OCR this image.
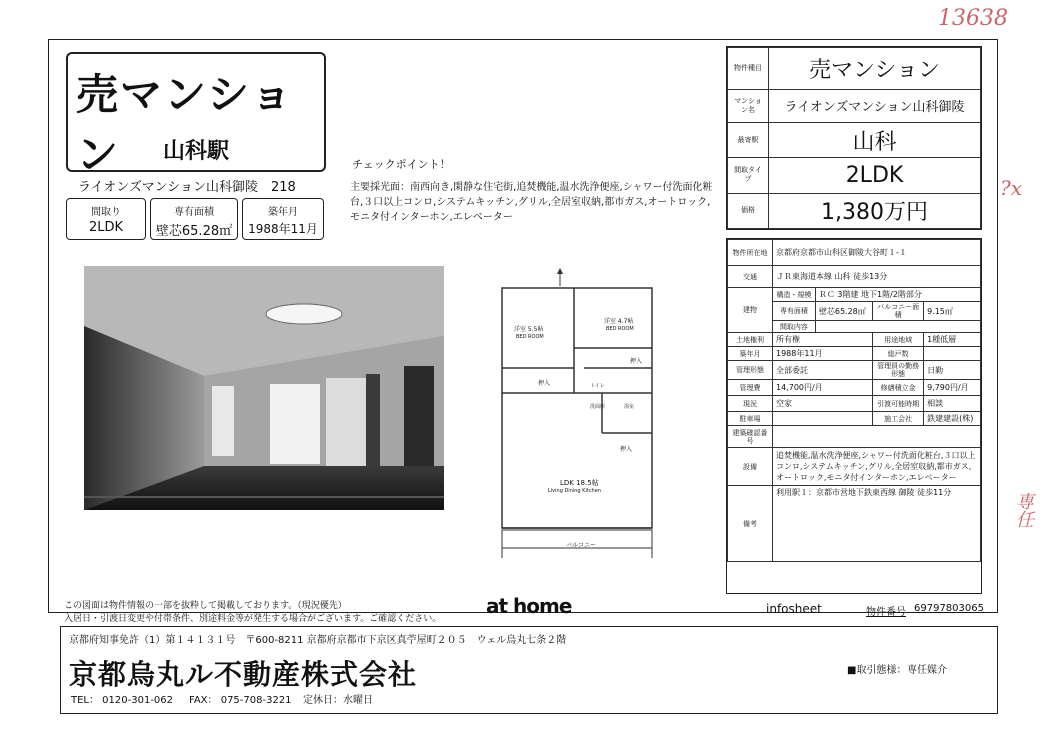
13638
?x
専任
売マンション	山科駅
ライオンズマンション山科御陵　218
間取り
2LDK
専有面積
壁芯65.28㎡
築年月
1988年11月
チェックポイント！
主要採光面：南西向き,閑静な住宅街,追焚機能,温水洗浄便座,シャワー付洗面化粧台,３口以上コンロ,システムキッチン,グリル,全居室収納,都市ガス,オートロック,モニタ付インターホン,エレベーター
洋室 5.5帖
BED ROOM
洋室 4.7帖
BED ROOM
押入
押入
トイレ
洗面所	浴室
押入
LDK 18.5帖
Living Dining Kitchen
バルコニー
物件種目	売マンション
マンション名	ライオンズマンション山科御陵
最寄駅	山科
間取タイプ	2LDK
価格	1,380万円
物件所在地	京都府京都市山科区御陵大谷町１-１			
交通	ＪＲ東海道本線 山科 徒歩13分			
建物	構造・規模	ＲＣ 3階建 地下1階/2階部分		
	専有面積	壁芯65.28㎡	バルコニー面積	9.15㎡
	間取内容			
土地権利	所有権		用途地域	1種低層
築年月	1988年11月		総戸数	
管理形態	全部委託		管理員の勤務形態	日勤
管理費	14,700円/月		修繕積立金	9,790円/月
現況	空家		引渡可能時期	相談
駐車場			施工会社	鉄建建設(株)
建築確認番号				
設備	追焚機能,温水洗浄便座,シャワー付洗面化粧台,３口以上コンロ,システムキッチン,グリル,全居室収納,都市ガス,オートロック,モニタ付インターホン,エレベーター			
備考	利用駅１：京都市営地下鉄東西線 御陵 徒歩11分			
この図面は物件情報の一部を抜粋して掲載しております。（現況優先）
入居日・引渡日変更や付帯条件、別途料金等が発生する場合がございます。ご確認ください。
at home	infosheet	物件番号 69797803065
京都府知事免許（1）第１４１３１号　〒600-8211 京都府京都市下京区真苧屋町２０５　ウェル烏丸七条２階
京都烏丸ル不動産株式会社	■取引態様： 専任媒介
TEL： 0120-301-062 FAX： 075-708-3221 定休日：水曜日
